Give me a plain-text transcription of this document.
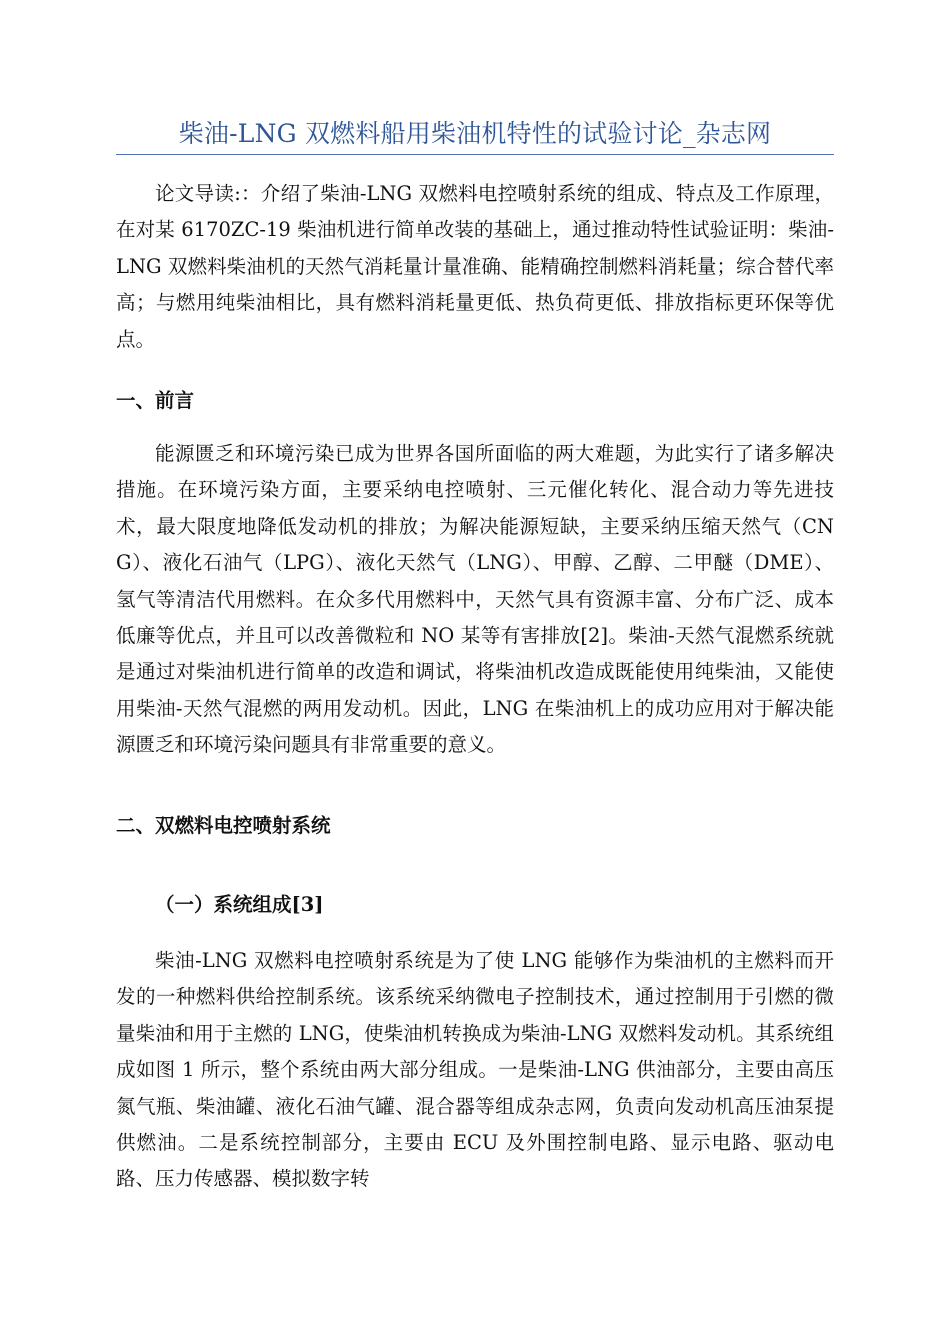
柴油-LNG 双燃料船用柴油机特性的试验讨论_杂志网

论文导读:：介绍了柴油-LNG 双燃料电控喷射系统的组成、特点及工作原理，在对某 6170ZC-19 柴油机进行简单改装的基础上，通过推动特性试验证明：柴油-LNG 双燃料柴油机的天然气消耗量计量准确、能精确控制燃料消耗量；综合替代率高；与燃用纯柴油相比，具有燃料消耗量更低、热负荷更低、排放指标更环保等优点。

一、前言

能源匮乏和环境污染已成为世界各国所面临的两大难题，为此实行了诸多解决措施。在环境污染方面，主要采纳电控喷射、三元催化转化、混合动力等先进技术，最大限度地降低发动机的排放；为解决能源短缺，主要采纳压缩天然气（CNG）、液化石油气（LPG）、液化天然气（LNG）、甲醇、乙醇、二甲醚（DME）、氢气等清洁代用燃料。在众多代用燃料中，天然气具有资源丰富、分布广泛、成本低廉等优点，并且可以改善微粒和 NO 某等有害排放[2]。柴油-天然气混燃系统就是通过对柴油机进行简单的改造和调试，将柴油机改造成既能使用纯柴油，又能使用柴油-天然气混燃的两用发动机。因此，LNG 在柴油机上的成功应用对于解决能源匮乏和环境污染问题具有非常重要的意义。

二、双燃料电控喷射系统
（一）系统组成[3]

柴油-LNG 双燃料电控喷射系统是为了使 LNG 能够作为柴油机的主燃料而开发的一种燃料供给控制系统。该系统采纳微电子控制技术，通过控制用于引燃的微量柴油和用于主燃的 LNG，使柴油机转换成为柴油-LNG 双燃料发动机。其系统组成如图 1 所示，整个系统由两大部分组成。一是柴油-LNG 供油部分，主要由高压氮气瓶、柴油罐、液化石油气罐、混合器等组成杂志网，负责向发动机高压油泵提供燃油。二是系统控制部分，主要由 ECU 及外围控制电路、显示电路、驱动电路、压力传感器、模拟数字转
